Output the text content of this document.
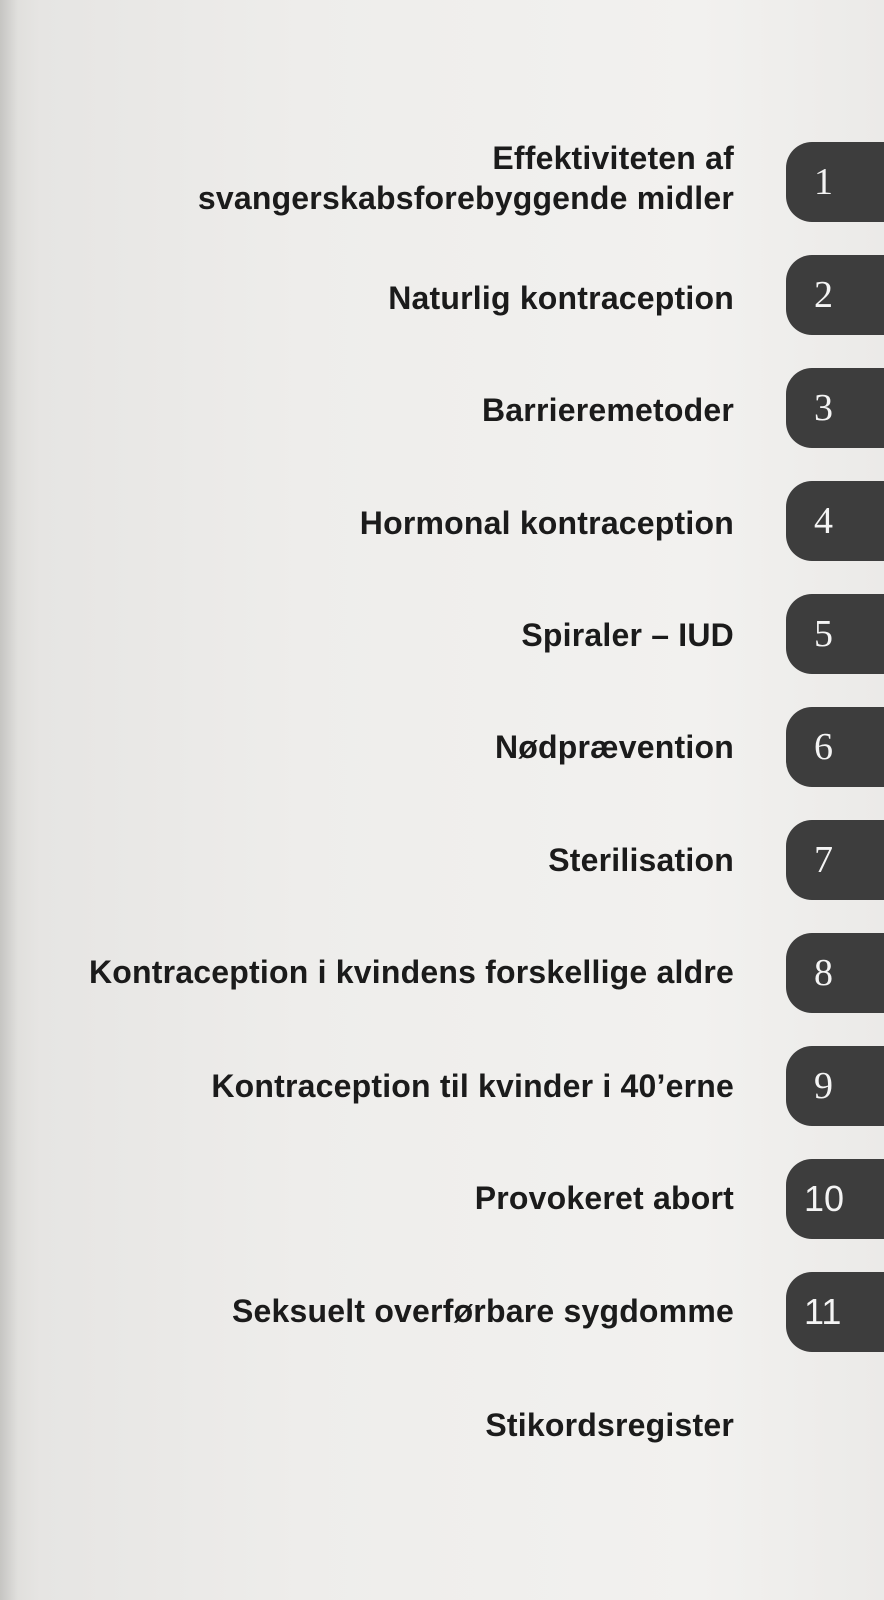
Effektiviteten af
svangerskabsforebyggende midler	1
Naturlig kontraception	2
Barrieremetoder	3
Hormonal kontraception	4
Spiraler – IUD	5
Nødprævention	6
Sterilisation	7
Kontraception i kvindens forskellige aldre	8
Kontraception til kvinder i 40’erne	9
Provokeret abort	10
Seksuelt overførbare sygdomme	11
Stikordsregister
